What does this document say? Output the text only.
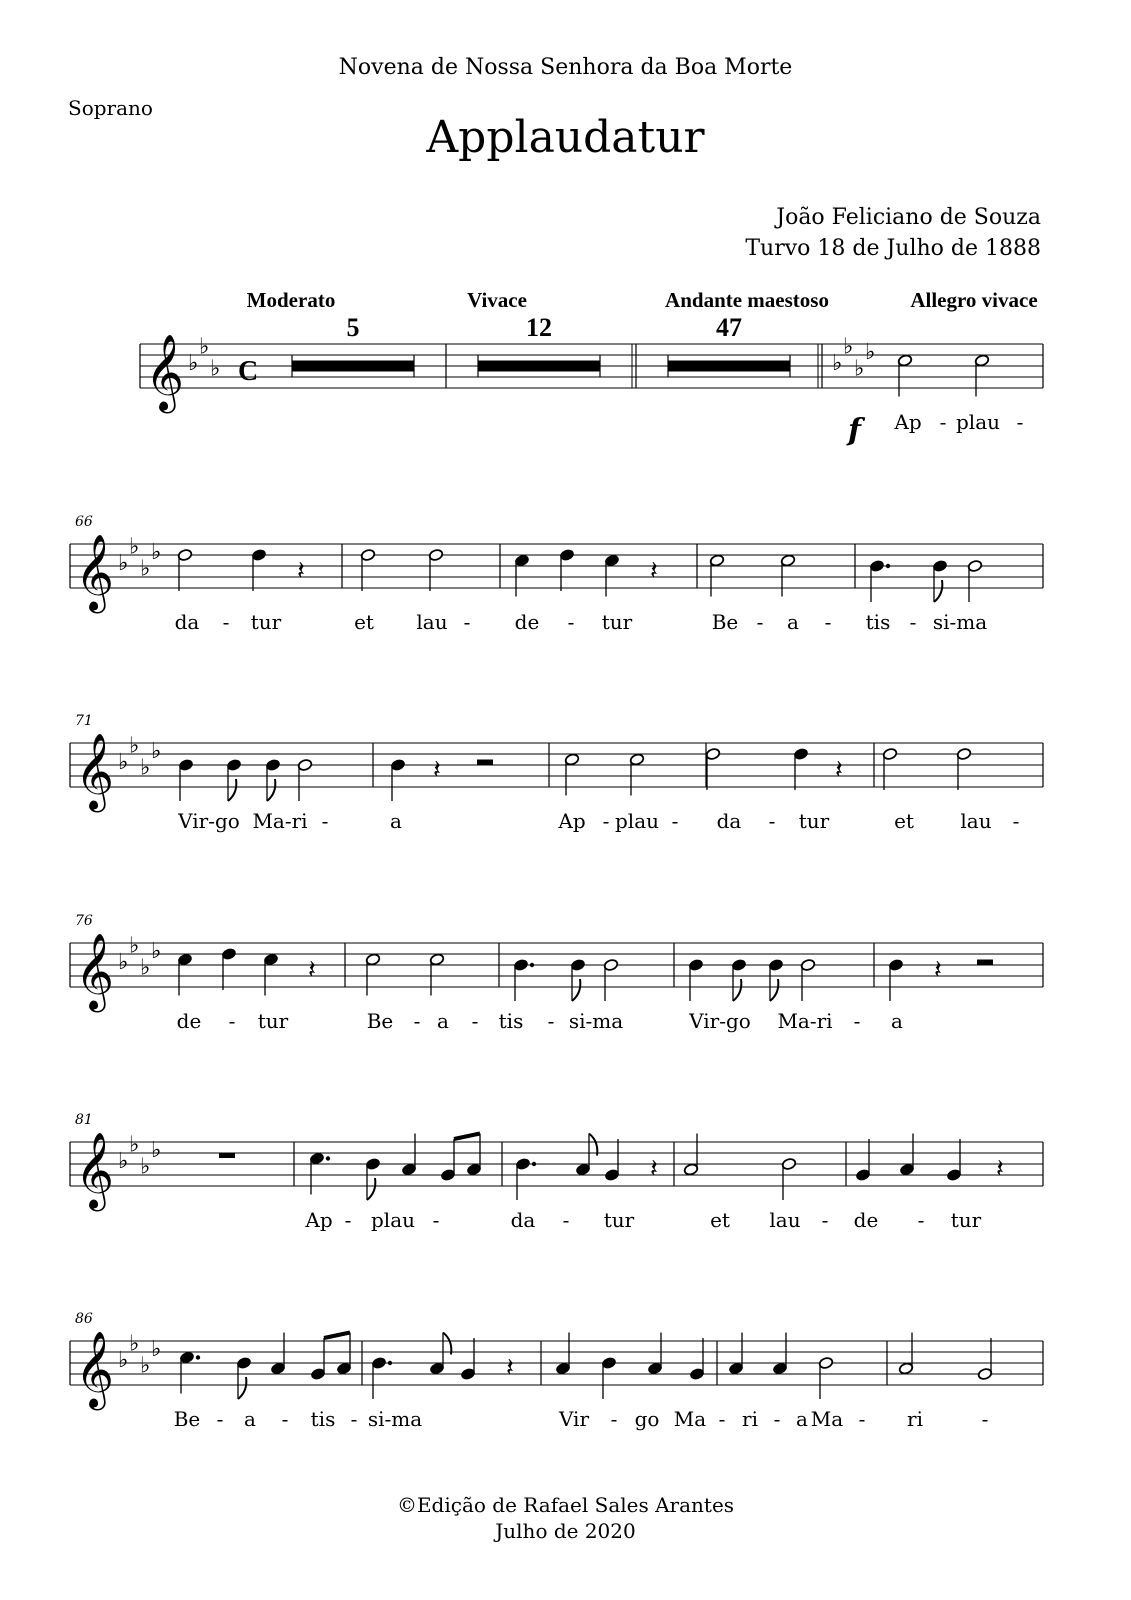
Novena de Nossa Senhora da Boa Morte
Soprano
Applaudatur
João Feliciano de Souza
Turvo 18 de Julho de 1888
Moderato	Vivace	Andante maestoso	Allegro vivace
©Edição de Rafael Sales Arantes
Julho de 2020
𝄞 ♭
♭
♭ C
5	12	47
♭
♭
♭
♭
f Ap - plau -
𝄞 ♭
♭
♭
♭
𝄽	𝄽
66
da - tur	et lau - de - tur	Be - a - tis - si-ma
𝄞 ♭
♭
♭
♭
𝄽	𝄽
71
Vir-go Ma-ri -	a	Ap - plau - da - tur	et lau -
𝄞 ♭
♭
♭
♭
𝄽	𝄽
76
de - tur	Be - a - tis - si-ma	Vir-go Ma-ri - a
𝄞 ♭
♭
♭
♭
𝄽	𝄽
81
Ap - plau -	da - tur	et lau - de - tur
𝄞 ♭
♭
♭
♭
𝄽
86
Be - a - tis - si-ma	Vir - go Ma - ri - a Ma - ri	-
